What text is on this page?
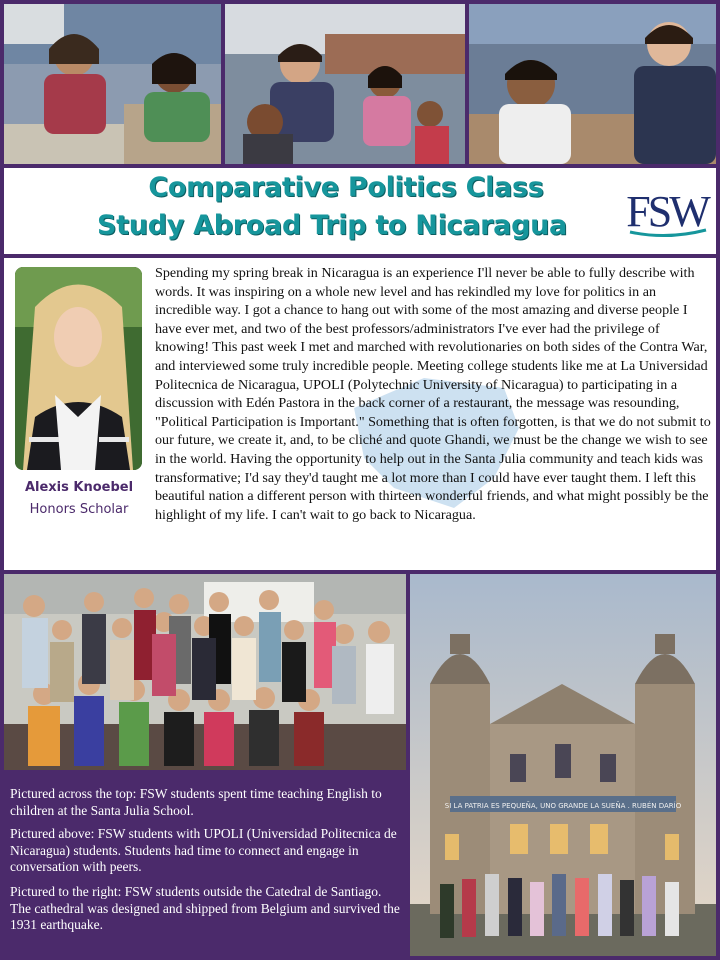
Comparative Politics Class
Study Abroad Trip to Nicaragua	FSW
Alexis Knoebel
Honors Scholar

Spending my spring break in Nicaragua is an experience I'll never be able to fully describe with words. It was inspiring on a whole new level and has rekindled my love for politics in an incredible way. I got a chance to hang out with some of the most amazing and diverse people I have ever met, and two of the best professors/administrators I've ever had the privilege of knowing! This past week I met and marched with revolutionaries on both sides of the Contra War, and interviewed some truly incredible people. Meeting college students like me at La Universidad Politecnica de Nicaragua, UPOLI (Polytechnic University of Nicaragua) to participating in a discussion with Edén Pastora in the back corner of a restaurant, the message was resounding, "Political Participation is Important." Something that is often forgotten, is that we do not submit to our future, we create it, and, to be cliché and quote Ghandi, we must be the change we wish to see in the world. Having the opportunity to help out in the Santa Julia community and teach kids was transformative; I'd say they'd taught me a lot more than I could have ever taught them. I left this beautiful nation a different person with thirteen wonderful friends, and what might possibly be the highlight of my life. I can't wait to go back to Nicaragua.

SI LA PATRIA ES PEQUEÑA, UNO GRANDE LA SUEÑA . RUBÉN DARÍO

Pictured across the top: FSW students spent time teaching English to children at the Santa Julia School.

Pictured above: FSW students with UPOLI (Universidad Politecnica de Nicaragua) students. Students had time to connect and engage in conversation with peers.

Pictured to the right: FSW students outside the Catedral de Santiago. The cathedral was designed and shipped from Belgium and survived the 1931 earthquake.
